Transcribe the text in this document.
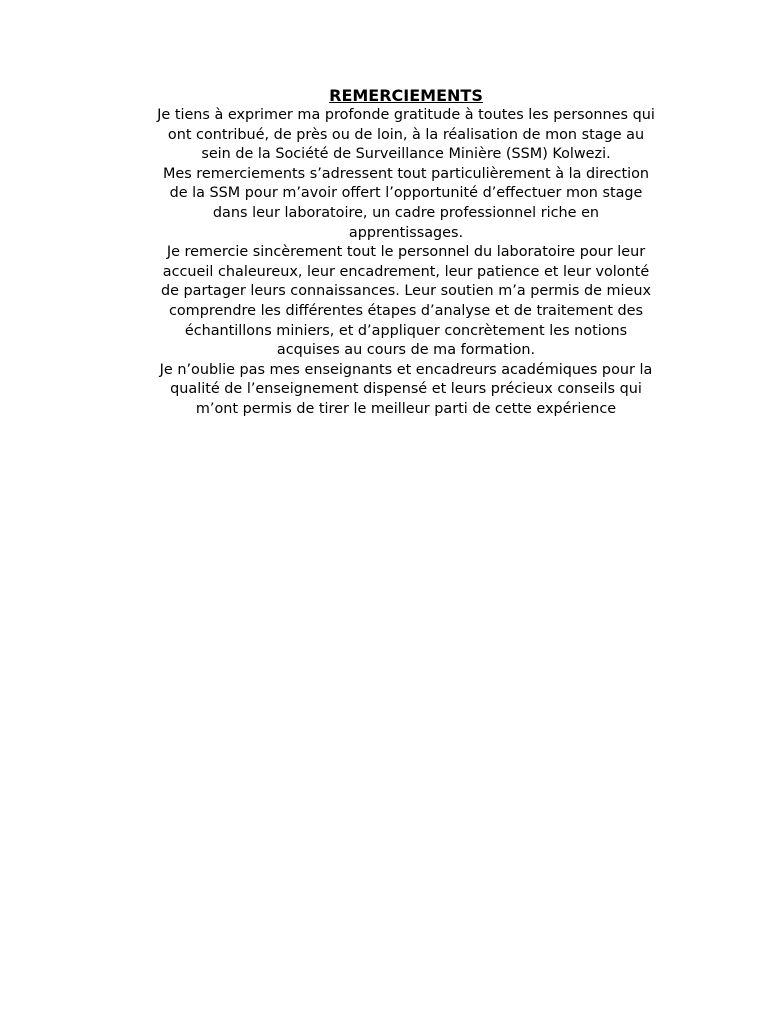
REMERCIEMENTS

Je tiens à exprimer ma profonde gratitude à toutes les personnes qui
ont contribué, de près ou de loin, à la réalisation de mon stage au
sein de la Société de Surveillance Minière (SSM) Kolwezi.

Mes remerciements s’adressent tout particulièrement à la direction
de la SSM pour m’avoir offert l’opportunité d’effectuer mon stage
dans leur laboratoire, un cadre professionnel riche en
apprentissages.

Je remercie sincèrement tout le personnel du laboratoire pour leur
accueil chaleureux, leur encadrement, leur patience et leur volonté
de partager leurs connaissances. Leur soutien m’a permis de mieux
comprendre les différentes étapes d’analyse et de traitement des
échantillons miniers, et d’appliquer concrètement les notions
acquises au cours de ma formation.

Je n’oublie pas mes enseignants et encadreurs académiques pour la
qualité de l’enseignement dispensé et leurs précieux conseils qui
m’ont permis de tirer le meilleur parti de cette expérience
